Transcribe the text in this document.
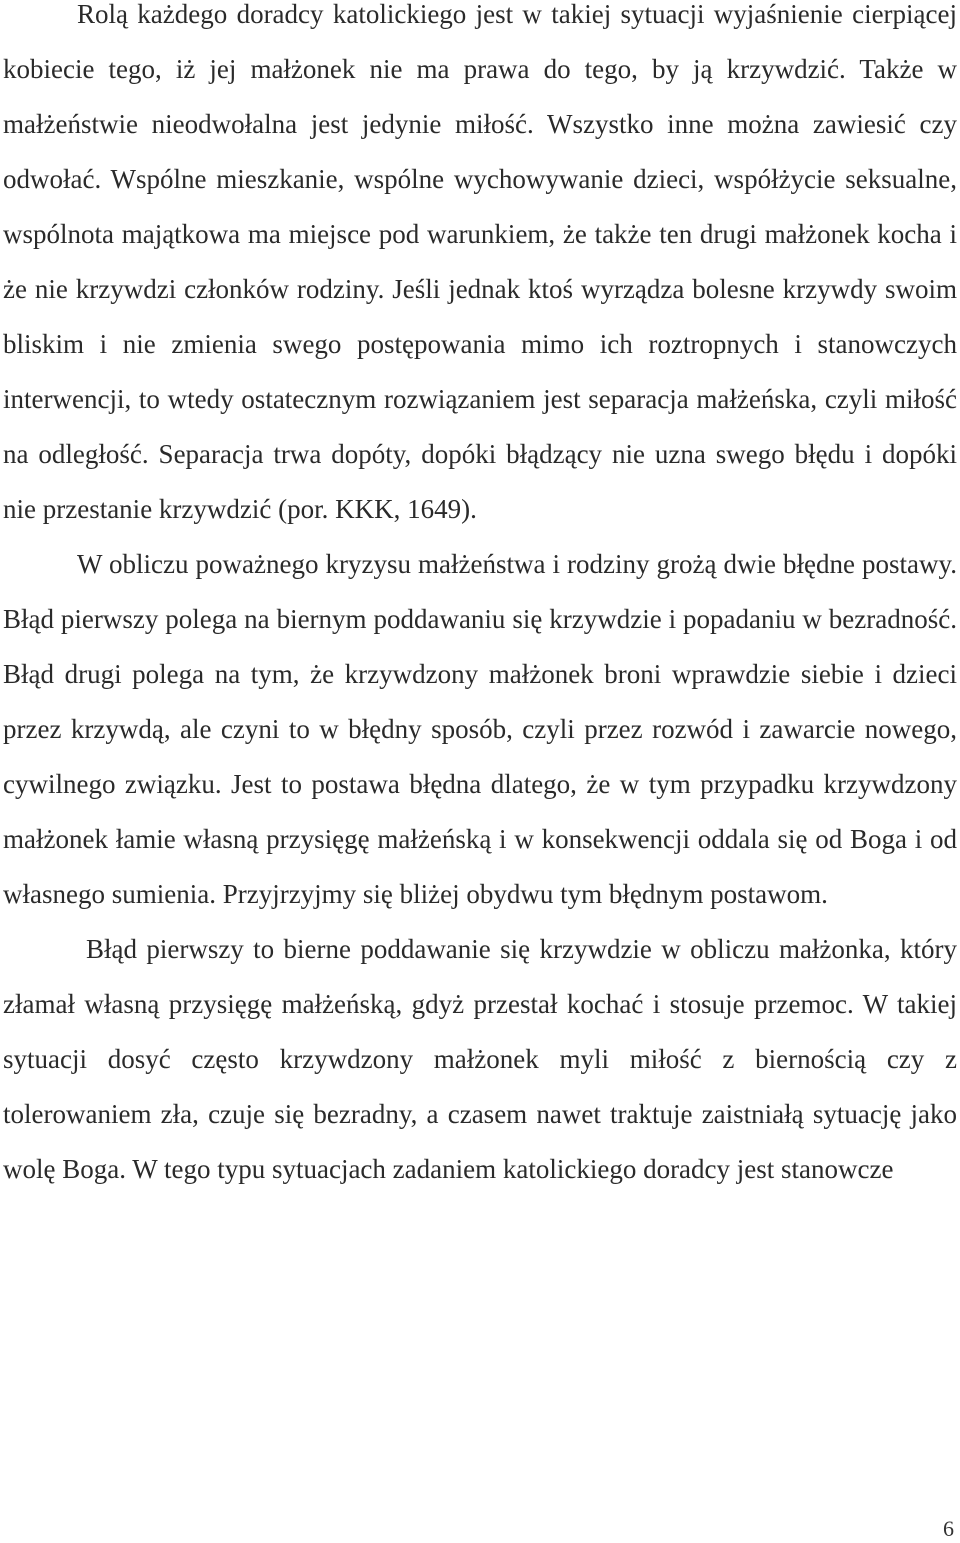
Rolą każdego doradcy katolickiego jest w takiej sytuacji wyjaśnienie cierpiącej kobiecie tego, iż jej małżonek nie ma prawa do tego, by ją krzywdzić. Także w małżeństwie nieodwołalna jest jedynie miłość. Wszystko inne można zawiesić czy odwołać. Wspólne mieszkanie, wspólne wychowywanie dzieci, współżycie seksualne, wspólnota majątkowa ma miejsce pod warunkiem, że także ten drugi małżonek kocha i że nie krzywdzi członków rodziny. Jeśli jednak ktoś wyrządza bolesne krzywdy swoim bliskim i nie zmienia swego postępowania mimo ich roztropnych i stanowczych interwencji, to wtedy ostatecznym rozwiązaniem jest separacja małżeńska, czyli miłość na odległość. Separacja trwa dopóty, dopóki błądzący nie uzna swego błędu i dopóki nie przestanie krzywdzić (por. KKK, 1649).

W obliczu poważnego kryzysu małżeństwa i rodziny grożą dwie błędne postawy. Błąd pierwszy polega na biernym poddawaniu się krzywdzie i popadaniu w bezradność. Błąd drugi polega na tym, że krzywdzony małżonek broni wprawdzie siebie i dzieci przez krzywdą, ale czyni to w błędny sposób, czyli przez rozwód i zawarcie nowego, cywilnego związku. Jest to postawa błędna dlatego, że w tym przypadku krzywdzony małżonek łamie własną przysięgę małżeńską i w konsekwencji oddala się od Boga i od własnego sumienia. Przyjrzyjmy się bliżej obydwu tym błędnym postawom.

Błąd pierwszy to bierne poddawanie się krzywdzie w obliczu małżonka, który złamał własną przysięgę małżeńską, gdyż przestał kochać i stosuje przemoc. W takiej sytuacji dosyć często krzywdzony małżonek myli miłość z biernością czy z tolerowaniem zła, czuje się bezradny, a czasem nawet traktuje zaistniałą sytuację jako wolę Boga. W tego typu sytuacjach zadaniem katolickiego doradcy jest stanowcze

6
